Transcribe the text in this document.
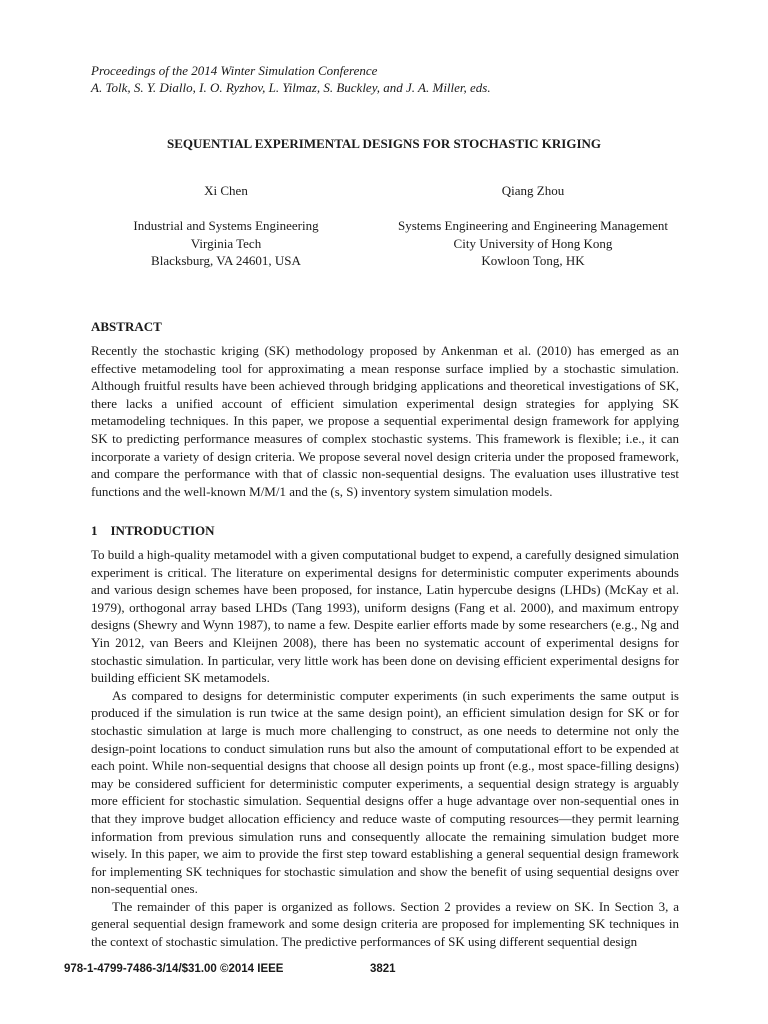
Proceedings of the 2014 Winter Simulation Conference
A. Tolk, S. Y. Diallo, I. O. Ryzhov, L. Yilmaz, S. Buckley, and J. A. Miller, eds.
SEQUENTIAL EXPERIMENTAL DESIGNS FOR STOCHASTIC KRIGING
Xi Chen	Qiang Zhou
Industrial and Systems Engineering
Virginia Tech
Blacksburg, VA 24601, USA
Systems Engineering and Engineering Management
City University of Hong Kong
Kowloon Tong, HK
ABSTRACT

Recently the stochastic kriging (SK) methodology proposed by Ankenman et al. (2010) has emerged as an effective metamodeling tool for approximating a mean response surface implied by a stochastic simulation. Although fruitful results have been achieved through bridging applications and theoretical investigations of SK, there lacks a unified account of efficient simulation experimental design strategies for applying SK metamodeling techniques. In this paper, we propose a sequential experimental design framework for applying SK to predicting performance measures of complex stochastic systems. This framework is flexible; i.e., it can incorporate a variety of design criteria. We propose several novel design criteria under the proposed framework, and compare the performance with that of classic non-sequential designs. The evaluation uses illustrative test functions and the well-known M/M/1 and the (s, S) inventory system simulation models.

1    INTRODUCTION

To build a high-quality metamodel with a given computational budget to expend, a carefully designed simulation experiment is critical. The literature on experimental designs for deterministic computer experiments abounds and various design schemes have been proposed, for instance, Latin hypercube designs (LHDs) (McKay et al. 1979), orthogonal array based LHDs (Tang 1993), uniform designs (Fang et al. 2000), and maximum entropy designs (Shewry and Wynn 1987), to name a few. Despite earlier efforts made by some researchers (e.g., Ng and Yin 2012, van Beers and Kleijnen 2008), there has been no systematic account of experimental designs for stochastic simulation. In particular, very little work has been done on devising efficient experimental designs for building efficient SK metamodels.

As compared to designs for deterministic computer experiments (in such experiments the same output is produced if the simulation is run twice at the same design point), an efficient simulation design for SK or for stochastic simulation at large is much more challenging to construct, as one needs to determine not only the design-point locations to conduct simulation runs but also the amount of computational effort to be expended at each point. While non-sequential designs that choose all design points up front (e.g., most space-filling designs) may be considered sufficient for deterministic computer experiments, a sequential design strategy is arguably more efficient for stochastic simulation. Sequential designs offer a huge advantage over non-sequential ones in that they improve budget allocation efficiency and reduce waste of computing resources—they permit learning information from previous simulation runs and consequently allocate the remaining simulation budget more wisely. In this paper, we aim to provide the first step toward establishing a general sequential design framework for implementing SK techniques for stochastic simulation and show the benefit of using sequential designs over non-sequential ones.

The remainder of this paper is organized as follows. Section 2 provides a review on SK. In Section 3, a general sequential design framework and some design criteria are proposed for implementing SK techniques in the context of stochastic simulation. The predictive performances of SK using different sequential design

978-1-4799-7486-3/14/$31.00 ©2014 IEEE	3821
